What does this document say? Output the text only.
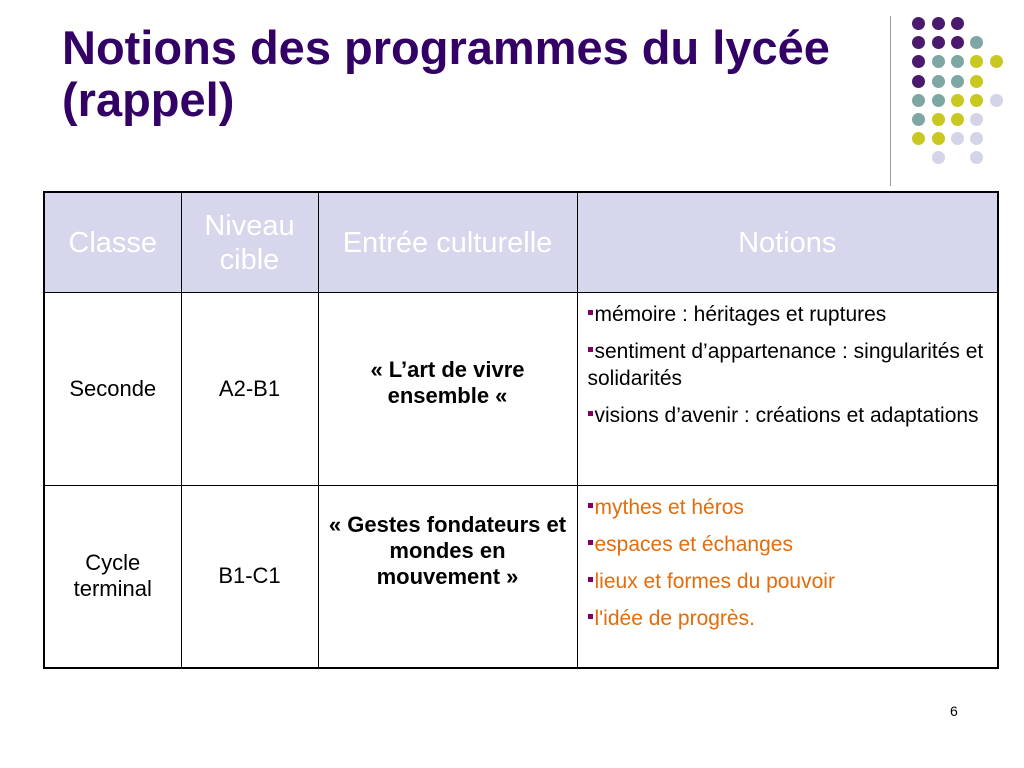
Notions des programmes du lycée (rappel)
Classe	Niveau cible	Entrée culturelle	Notions
Seconde	A2-B1	« L’art de vivre ensemble «	mémoire : héritages et ruptures
sentiment d’appartenance : singularités et solidarités
visions d’avenir : créations et adaptations

Cycle terminal	B1-C1	« Gestes fondateurs et mondes en mouvement »	mythes et héros
espaces et échanges
lieux et formes du pouvoir
l'idée de progrès.
6
